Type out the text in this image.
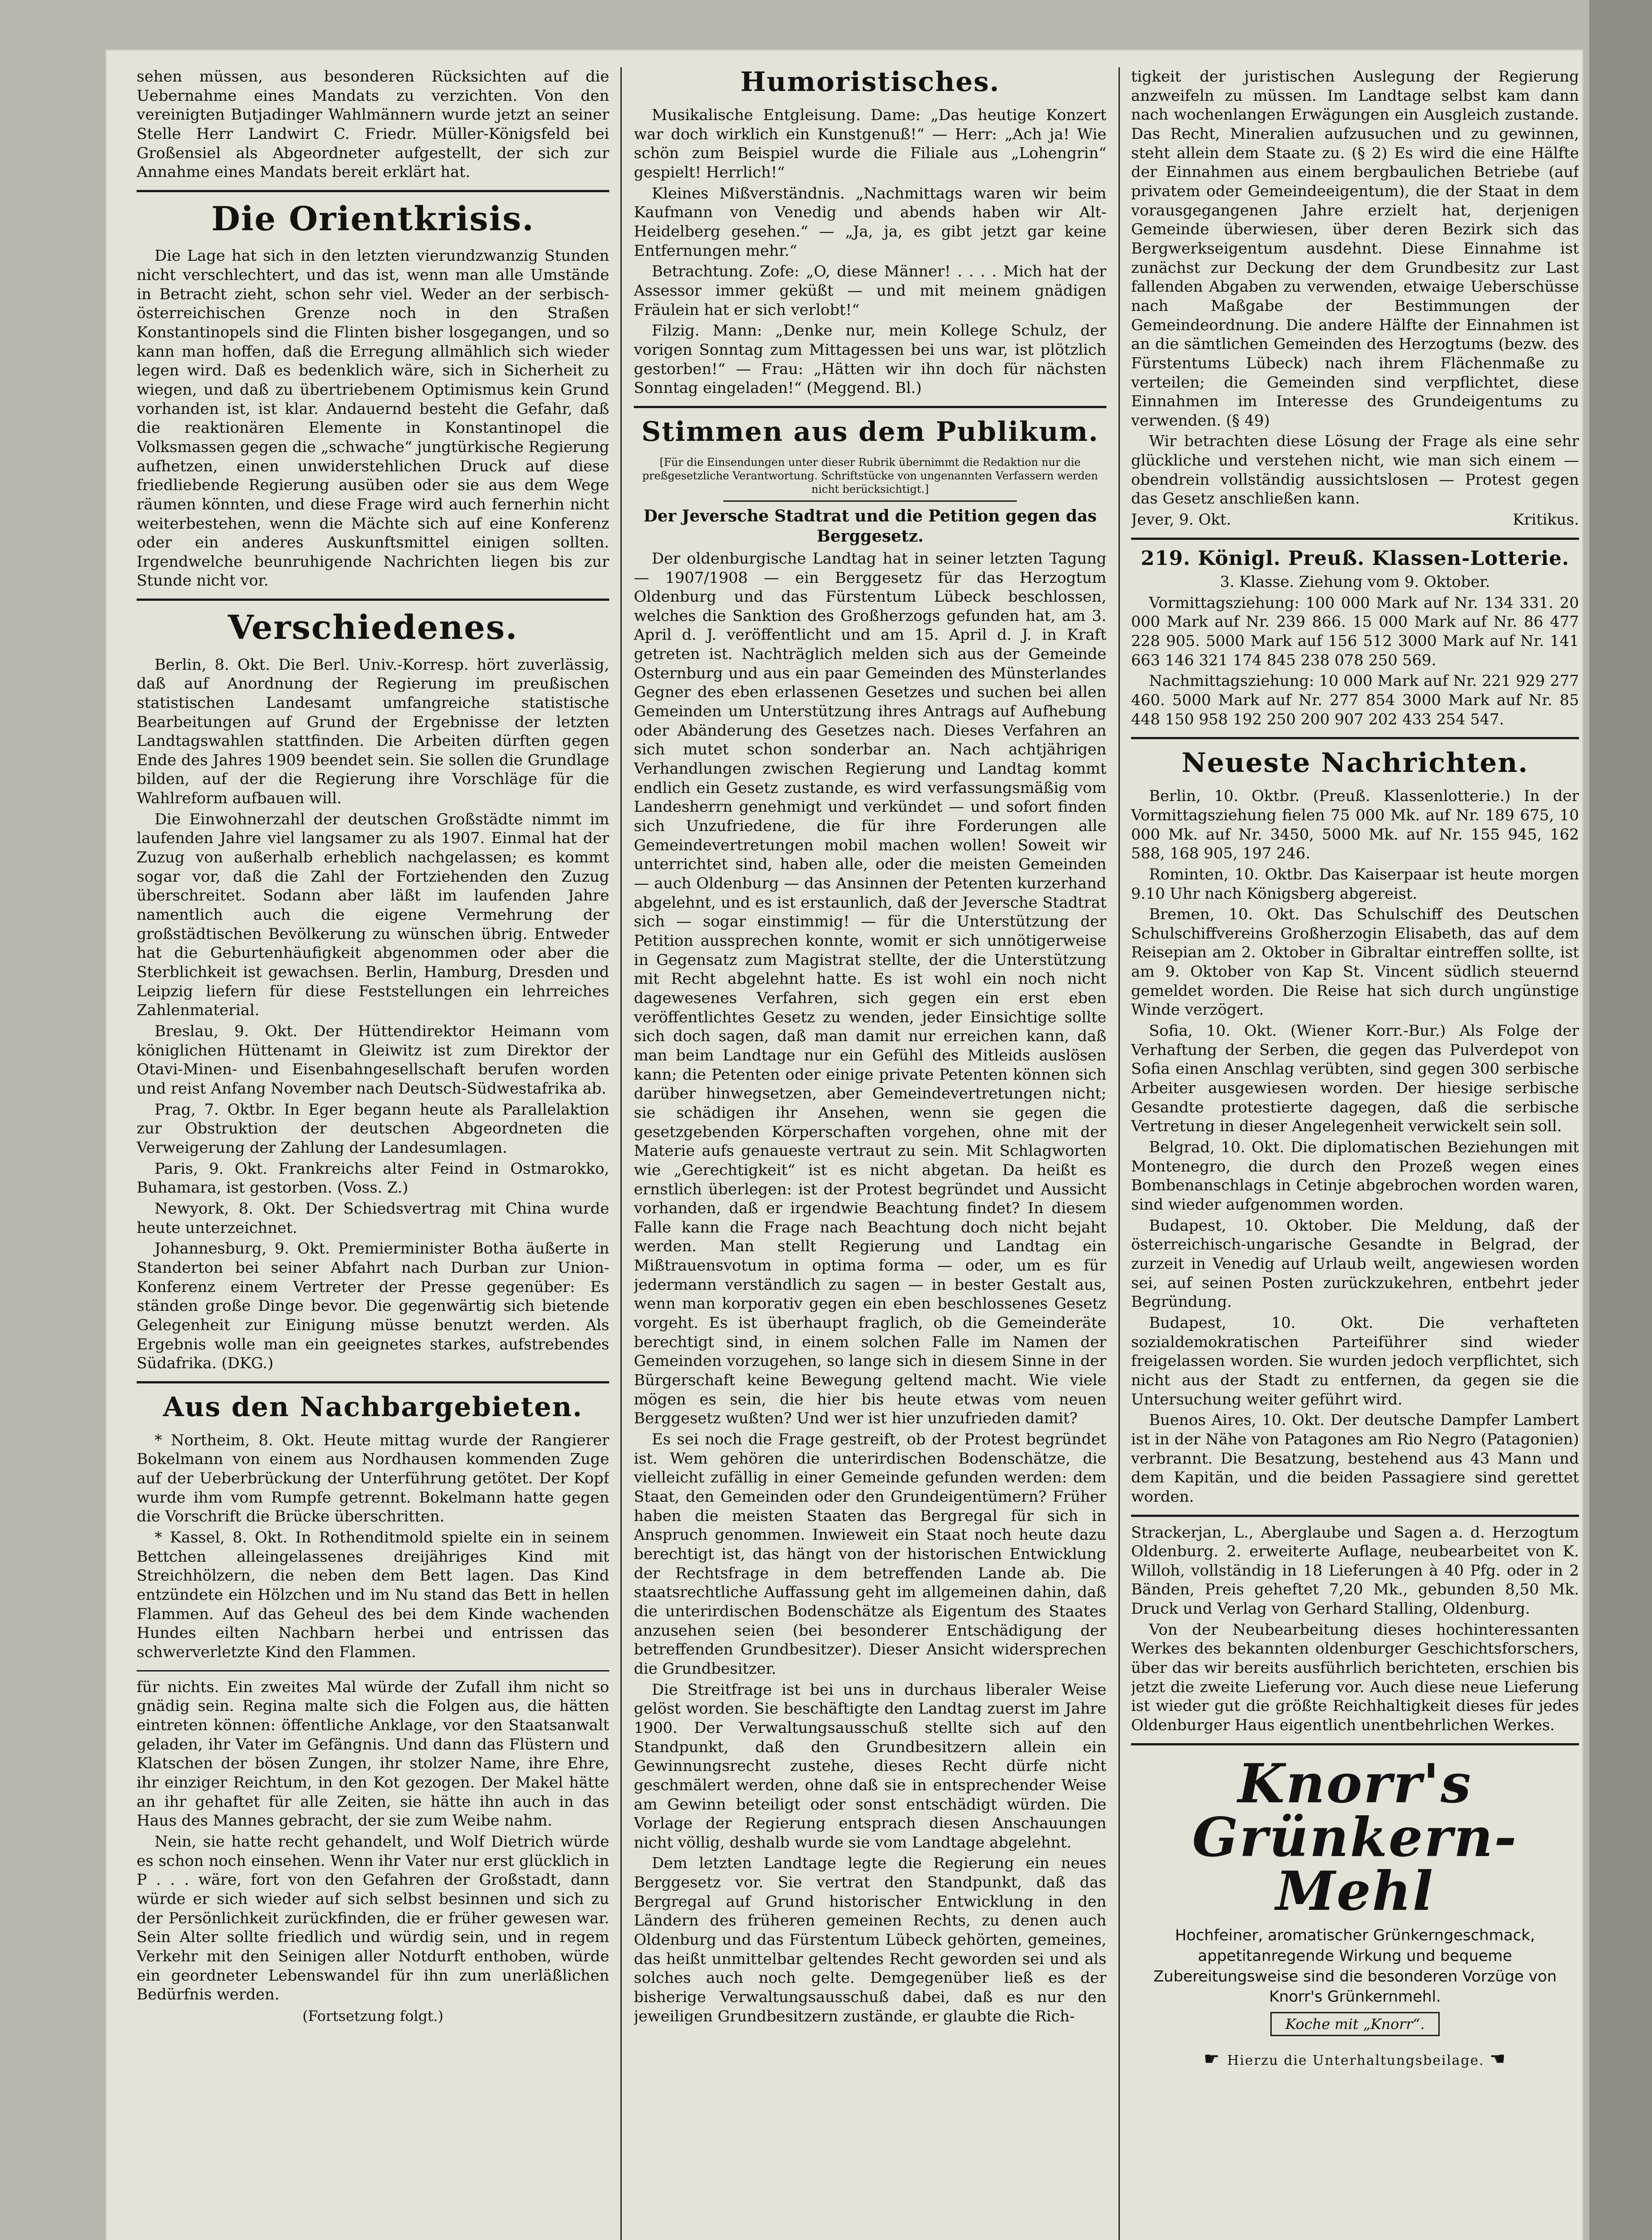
sehen müssen, aus besonderen Rücksichten auf die Uebernahme eines Mandats zu verzichten. Von den vereinigten Butjadinger Wahlmännern wurde jetzt an seiner Stelle Herr Landwirt C. Friedr. Müller-Königsfeld bei Großensiel als Abgeordneter aufgestellt, der sich zur Annahme eines Mandats bereit erklärt hat.

Die Orientkrisis.

Die Lage hat sich in den letzten vierundzwanzig Stunden nicht verschlechtert, und das ist, wenn man alle Umstände in Betracht zieht, schon sehr viel. Weder an der serbisch-österreichischen Grenze noch in den Straßen Konstantinopels sind die Flinten bisher losgegangen, und so kann man hoffen, daß die Erregung allmählich sich wieder legen wird. Daß es bedenklich wäre, sich in Sicherheit zu wiegen, und daß zu übertriebenem Optimismus kein Grund vorhanden ist, ist klar. Andauernd besteht die Gefahr, daß die reaktionären Elemente in Konstantinopel die Volksmassen gegen die „schwache“ jungtürkische Regierung aufhetzen, einen unwiderstehlichen Druck auf diese friedliebende Regierung ausüben oder sie aus dem Wege räumen könnten, und diese Frage wird auch fernerhin nicht weiterbestehen, wenn die Mächte sich auf eine Konferenz oder ein anderes Auskunftsmittel einigen sollten. Irgendwelche beunruhigende Nachrichten liegen bis zur Stunde nicht vor.

Verschiedenes.

Berlin, 8. Okt. Die Berl. Univ.-Korresp. hört zuverlässig, daß auf Anordnung der Regierung im preußischen statistischen Landesamt umfangreiche statistische Bearbeitungen auf Grund der Ergebnisse der letzten Landtagswahlen stattfinden. Die Arbeiten dürften gegen Ende des Jahres 1909 beendet sein. Sie sollen die Grundlage bilden, auf der die Regierung ihre Vorschläge für die Wahlreform aufbauen will.

Die Einwohnerzahl der deutschen Großstädte nimmt im laufenden Jahre viel langsamer zu als 1907. Einmal hat der Zuzug von außerhalb erheblich nachgelassen; es kommt sogar vor, daß die Zahl der Fortziehenden den Zuzug überschreitet. Sodann aber läßt im laufenden Jahre namentlich auch die eigene Vermehrung der großstädtischen Bevölkerung zu wünschen übrig. Entweder hat die Geburtenhäufigkeit abgenommen oder aber die Sterblichkeit ist gewachsen. Berlin, Hamburg, Dresden und Leipzig liefern für diese Feststellungen ein lehrreiches Zahlenmaterial.

Breslau, 9. Okt. Der Hüttendirektor Heimann vom königlichen Hüttenamt in Gleiwitz ist zum Direktor der Otavi-Minen- und Eisenbahngesellschaft berufen worden und reist Anfang November nach Deutsch-Südwestafrika ab.

Prag, 7. Oktbr. In Eger begann heute als Parallelaktion zur Obstruktion der deutschen Abgeordneten die Verweigerung der Zahlung der Landesumlagen.

Paris, 9. Okt. Frankreichs alter Feind in Ostmarokko, Buhamara, ist gestorben. (Voss. Z.)

Newyork, 8. Okt. Der Schiedsvertrag mit China wurde heute unterzeichnet.

Johannesburg, 9. Okt. Premierminister Botha äußerte in Standerton bei seiner Abfahrt nach Durban zur Union-Konferenz einem Vertreter der Presse gegenüber: Es ständen große Dinge bevor. Die gegenwärtig sich bietende Gelegenheit zur Einigung müsse benutzt werden. Als Ergebnis wolle man ein geeignetes starkes, aufstrebendes Südafrika. (DKG.)

Aus den Nachbargebieten.

* Northeim, 8. Okt. Heute mittag wurde der Rangierer Bokelmann von einem aus Nordhausen kommenden Zuge auf der Ueberbrückung der Unterführung getötet. Der Kopf wurde ihm vom Rumpfe getrennt. Bokelmann hatte gegen die Vorschrift die Brücke überschritten.

* Kassel, 8. Okt. In Rothenditmold spielte ein in seinem Bettchen alleingelassenes dreijähriges Kind mit Streichhölzern, die neben dem Bett lagen. Das Kind entzündete ein Hölzchen und im Nu stand das Bett in hellen Flammen. Auf das Geheul des bei dem Kinde wachenden Hundes eilten Nachbarn herbei und entrissen das schwerverletzte Kind den Flammen.

für nichts. Ein zweites Mal würde der Zufall ihm nicht so gnädig sein. Regina malte sich die Folgen aus, die hätten eintreten können: öffentliche Anklage, vor den Staatsanwalt geladen, ihr Vater im Gefängnis. Und dann das Flüstern und Klatschen der bösen Zungen, ihr stolzer Name, ihre Ehre, ihr einziger Reichtum, in den Kot gezogen. Der Makel hätte an ihr gehaftet für alle Zeiten, sie hätte ihn auch in das Haus des Mannes gebracht, der sie zum Weibe nahm.

Nein, sie hatte recht gehandelt, und Wolf Dietrich würde es schon noch einsehen. Wenn ihr Vater nur erst glücklich in P . . . wäre, fort von den Gefahren der Großstadt, dann würde er sich wieder auf sich selbst besinnen und sich zu der Persönlichkeit zurückfinden, die er früher gewesen war. Sein Alter sollte friedlich und würdig sein, und in regem Verkehr mit den Seinigen aller Notdurft enthoben, würde ein geordneter Lebenswandel für ihn zum unerläßlichen Bedürfnis werden.

(Fortsetzung folgt.)
Humoristisches.

Musikalische Entgleisung. Dame: „Das heutige Konzert war doch wirklich ein Kunstgenuß!“ — Herr: „Ach ja! Wie schön zum Beispiel wurde die Filiale aus „Lohengrin“ gespielt! Herrlich!“

Kleines Mißverständnis. „Nachmittags waren wir beim Kaufmann von Venedig und abends haben wir Alt-Heidelberg gesehen.“ — „Ja, ja, es gibt jetzt gar keine Entfernungen mehr.“

Betrachtung. Zofe: „O, diese Männer! . . . . Mich hat der Assessor immer geküßt — und mit meinem gnädigen Fräulein hat er sich verlobt!“

Filzig. Mann: „Denke nur, mein Kollege Schulz, der vorigen Sonntag zum Mittagessen bei uns war, ist plötzlich gestorben!“ — Frau: „Hätten wir ihn doch für nächsten Sonntag eingeladen!“ (Meggend. Bl.)

Stimmen aus dem Publikum.
[Für die Einsendungen unter dieser Rubrik übernimmt die Redaktion nur die preßgesetzliche Verantwortung. Schriftstücke von ungenannten Verfassern werden nicht berücksichtigt.]
Der Jeversche Stadtrat und die Petition gegen das Berggesetz.

Der oldenburgische Landtag hat in seiner letzten Tagung — 1907/1908 — ein Berggesetz für das Herzogtum Oldenburg und das Fürstentum Lübeck beschlossen, welches die Sanktion des Großherzogs gefunden hat, am 3. April d. J. veröffentlicht und am 15. April d. J. in Kraft getreten ist. Nachträglich melden sich aus der Gemeinde Osternburg und aus ein paar Gemeinden des Münsterlandes Gegner des eben erlassenen Gesetzes und suchen bei allen Gemeinden um Unterstützung ihres Antrags auf Aufhebung oder Abänderung des Gesetzes nach. Dieses Verfahren an sich mutet schon sonderbar an. Nach achtjährigen Verhandlungen zwischen Regierung und Landtag kommt endlich ein Gesetz zustande, es wird verfassungsmäßig vom Landesherrn genehmigt und verkündet — und sofort finden sich Unzufriedene, die für ihre Forderungen alle Gemeindevertretungen mobil machen wollen! Soweit wir unterrichtet sind, haben alle, oder die meisten Gemeinden — auch Oldenburg — das Ansinnen der Petenten kurzerhand abgelehnt, und es ist erstaunlich, daß der Jeversche Stadtrat sich — sogar einstimmig! — für die Unterstützung der Petition aussprechen konnte, womit er sich unnötigerweise in Gegensatz zum Magistrat stellte, der die Unterstützung mit Recht abgelehnt hatte. Es ist wohl ein noch nicht dagewesenes Verfahren, sich gegen ein erst eben veröffentlichtes Gesetz zu wenden, jeder Einsichtige sollte sich doch sagen, daß man damit nur erreichen kann, daß man beim Landtage nur ein Gefühl des Mitleids auslösen kann; die Petenten oder einige private Petenten können sich darüber hinwegsetzen, aber Gemeindevertretungen nicht; sie schädigen ihr Ansehen, wenn sie gegen die gesetzgebenden Körperschaften vorgehen, ohne mit der Materie aufs genaueste vertraut zu sein. Mit Schlagworten wie „Gerechtigkeit“ ist es nicht abgetan. Da heißt es ernstlich überlegen: ist der Protest begründet und Aussicht vorhanden, daß er irgendwie Beachtung findet? In diesem Falle kann die Frage nach Beachtung doch nicht bejaht werden. Man stellt Regierung und Landtag ein Mißtrauensvotum in optima forma — oder, um es für jedermann verständlich zu sagen — in bester Gestalt aus, wenn man korporativ gegen ein eben beschlossenes Gesetz vorgeht. Es ist überhaupt fraglich, ob die Gemeinderäte berechtigt sind, in einem solchen Falle im Namen der Gemeinden vorzugehen, so lange sich in diesem Sinne in der Bürgerschaft keine Bewegung geltend macht. Wie viele mögen es sein, die hier bis heute etwas vom neuen Berggesetz wußten? Und wer ist hier unzufrieden damit?

Es sei noch die Frage gestreift, ob der Protest begründet ist. Wem gehören die unterirdischen Bodenschätze, die vielleicht zufällig in einer Gemeinde gefunden werden: dem Staat, den Gemeinden oder den Grundeigentümern? Früher haben die meisten Staaten das Bergregal für sich in Anspruch genommen. Inwieweit ein Staat noch heute dazu berechtigt ist, das hängt von der historischen Entwicklung der Rechtsfrage in dem betreffenden Lande ab. Die staatsrechtliche Auffassung geht im allgemeinen dahin, daß die unterirdischen Bodenschätze als Eigentum des Staates anzusehen seien (bei besonderer Entschädigung der betreffenden Grundbesitzer). Dieser Ansicht widersprechen die Grundbesitzer.

Die Streitfrage ist bei uns in durchaus liberaler Weise gelöst worden. Sie beschäftigte den Landtag zuerst im Jahre 1900. Der Verwaltungsausschuß stellte sich auf den Standpunkt, daß den Grundbesitzern allein ein Gewinnungsrecht zustehe, dieses Recht dürfe nicht geschmälert werden, ohne daß sie in entsprechender Weise am Gewinn beteiligt oder sonst entschädigt würden. Die Vorlage der Regierung entsprach diesen Anschauungen nicht völlig, deshalb wurde sie vom Landtage abgelehnt.

Dem letzten Landtage legte die Regierung ein neues Berggesetz vor. Sie vertrat den Standpunkt, daß das Bergregal auf Grund historischer Entwicklung in den Ländern des früheren gemeinen Rechts, zu denen auch Oldenburg und das Fürstentum Lübeck gehörten, gemeines, das heißt unmittelbar geltendes Recht geworden sei und als solches auch noch gelte. Demgegenüber ließ es der bisherige Verwaltungsausschuß dabei, daß es nur den jeweiligen Grundbesitzern zustände, er glaubte die Rich-

tigkeit der juristischen Auslegung der Regierung anzweifeln zu müssen. Im Landtage selbst kam dann nach wochenlangen Erwägungen ein Ausgleich zustande. Das Recht, Mineralien aufzusuchen und zu gewinnen, steht allein dem Staate zu. (§ 2) Es wird die eine Hälfte der Einnahmen aus einem bergbaulichen Betriebe (auf privatem oder Gemeindeeigentum), die der Staat in dem vorausgegangenen Jahre erzielt hat, derjenigen Gemeinde überwiesen, über deren Bezirk sich das Bergwerkseigentum ausdehnt. Diese Einnahme ist zunächst zur Deckung der dem Grundbesitz zur Last fallenden Abgaben zu verwenden, etwaige Ueberschüsse nach Maßgabe der Bestimmungen der Gemeindeordnung. Die andere Hälfte der Einnahmen ist an die sämtlichen Gemeinden des Herzogtums (bezw. des Fürstentums Lübeck) nach ihrem Flächenmaße zu verteilen; die Gemeinden sind verpflichtet, diese Einnahmen im Interesse des Grundeigentums zu verwenden. (§ 49)

Wir betrachten diese Lösung der Frage als eine sehr glückliche und verstehen nicht, wie man sich einem — obendrein vollständig aussichtslosen — Protest gegen das Gesetz anschließen kann.

Jever, 9. Okt.	Kritikus.
219. Königl. Preuß. Klassen-Lotterie.

3. Klasse. Ziehung vom 9. Oktober.

Vormittagsziehung: 100 000 Mark auf Nr. 134 331. 20 000 Mark auf Nr. 239 866. 15 000 Mark auf Nr. 86 477 228 905. 5000 Mark auf 156 512 3000 Mark auf Nr. 141 663 146 321 174 845 238 078 250 569.

Nachmittagsziehung: 10 000 Mark auf Nr. 221 929 277 460. 5000 Mark auf Nr. 277 854 3000 Mark auf Nr. 85 448 150 958 192 250 200 907 202 433 254 547.

Neueste Nachrichten.

Berlin, 10. Oktbr. (Preuß. Klassenlotterie.) In der Vormittagsziehung fielen 75 000 Mk. auf Nr. 189 675, 10 000 Mk. auf Nr. 3450, 5000 Mk. auf Nr. 155 945, 162 588, 168 905, 197 246.

Rominten, 10. Oktbr. Das Kaiserpaar ist heute morgen 9.10 Uhr nach Königsberg abgereist.

Bremen, 10. Okt. Das Schulschiff des Deutschen Schulschiffvereins Großherzogin Elisabeth, das auf dem Reisepian am 2. Oktober in Gibraltar eintreffen sollte, ist am 9. Oktober von Kap St. Vincent südlich steuernd gemeldet worden. Die Reise hat sich durch ungünstige Winde verzögert.

Sofia, 10. Okt. (Wiener Korr.-Bur.) Als Folge der Verhaftung der Serben, die gegen das Pulverdepot von Sofia einen Anschlag verübten, sind gegen 300 serbische Arbeiter ausgewiesen worden. Der hiesige serbische Gesandte protestierte dagegen, daß die serbische Vertretung in dieser Angelegenheit verwickelt sein soll.

Belgrad, 10. Okt. Die diplomatischen Beziehungen mit Montenegro, die durch den Prozeß wegen eines Bombenanschlags in Cetinje abgebrochen worden waren, sind wieder aufgenommen worden.

Budapest, 10. Oktober. Die Meldung, daß der österreichisch-ungarische Gesandte in Belgrad, der zurzeit in Venedig auf Urlaub weilt, angewiesen worden sei, auf seinen Posten zurückzukehren, entbehrt jeder Begründung.

Budapest, 10. Okt. Die verhafteten sozialdemokratischen Parteiführer sind wieder freigelassen worden. Sie wurden jedoch verpflichtet, sich nicht aus der Stadt zu entfernen, da gegen sie die Untersuchung weiter geführt wird.

Buenos Aires, 10. Okt. Der deutsche Dampfer Lambert ist in der Nähe von Patagones am Rio Negro (Patagonien) verbrannt. Die Besatzung, bestehend aus 43 Mann und dem Kapitän, und die beiden Passagiere sind gerettet worden.

Strackerjan, L., Aberglaube und Sagen a. d. Herzogtum Oldenburg. 2. erweiterte Auflage, neubearbeitet von K. Willoh, vollständig in 18 Lieferungen à 40 Pfg. oder in 2 Bänden, Preis geheftet 7,20 Mk., gebunden 8,50 Mk. Druck und Verlag von Gerhard Stalling, Oldenburg.

Von der Neubearbeitung dieses hochinteressanten Werkes des bekannten oldenburger Geschichtsforschers, über das wir bereits ausführlich berichteten, erschien bis jetzt die zweite Lieferung vor. Auch diese neue Lieferung ist wieder gut die größte Reichhaltigkeit dieses für jedes Oldenburger Haus eigentlich unentbehrlichen Werkes.

Knorr's
Grünkern-
Mehl
Hochfeiner, aromatischer Grünkerngeschmack, appetitanregende Wirkung und bequeme Zubereitungsweise sind die besonderen Vorzüge von Knorr's Grünkernmehl.
Koche mit „Knorr“.
☛ Hierzu die Unterhaltungsbeilage. ☚
